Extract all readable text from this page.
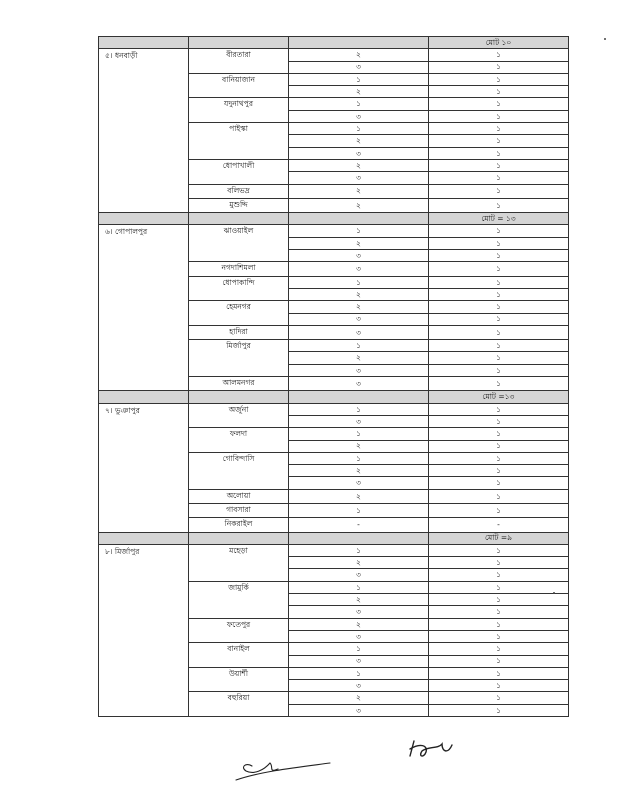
			মোট ১০
৫। ধনবাড়ী	বীরতারা	২	১
		৩	১
	বানিয়াজান	১	১
		২	১
	যদুনাথপুর	১	১
		৩	১
	পাইস্কা	১	১
		২	১
		৩	১
	ধোপাখালী	২	১
		৩	১
	বলিভদ্র	২	১
	মুশুদ্দি	২	১
			মোট = ১৩
৬। গোপালপুর	ঝাওয়াইল	১	১
		২	১
		৩	১
	নগদাশিমলা	৩	১
	ধোপাকান্দি	১	১
		২	১
	হেমনগর	২	১
		৩	১
	হাদিরা	৩	১
	মির্জাপুর	১	১
		২	১
		৩	১
	আলমনগর	৩	১
			মোট =১৩
৭। ভুঞাপুর	অর্জুনা	১	১
		৩	১
	ফলদা	১	১
		২	১
	গোবিন্দাসি	১	১
		২	১
		৩	১
	অলোয়া	২	১
	গাবসারা	১	১
	নিকরাইল	-	-
			মোট =৯
৮। মির্জাপুর	মহেড়া	১	১
		২	১
		৩	১
	জামুর্কি	১	১
		২	১
		৩	১
	ফতেপুর	২	১
		৩	১
	বানাইল	১	১
		৩	১
	উয়ার্শী	১	১
		৩	১
	বহুরিয়া	২	১
		৩	১
